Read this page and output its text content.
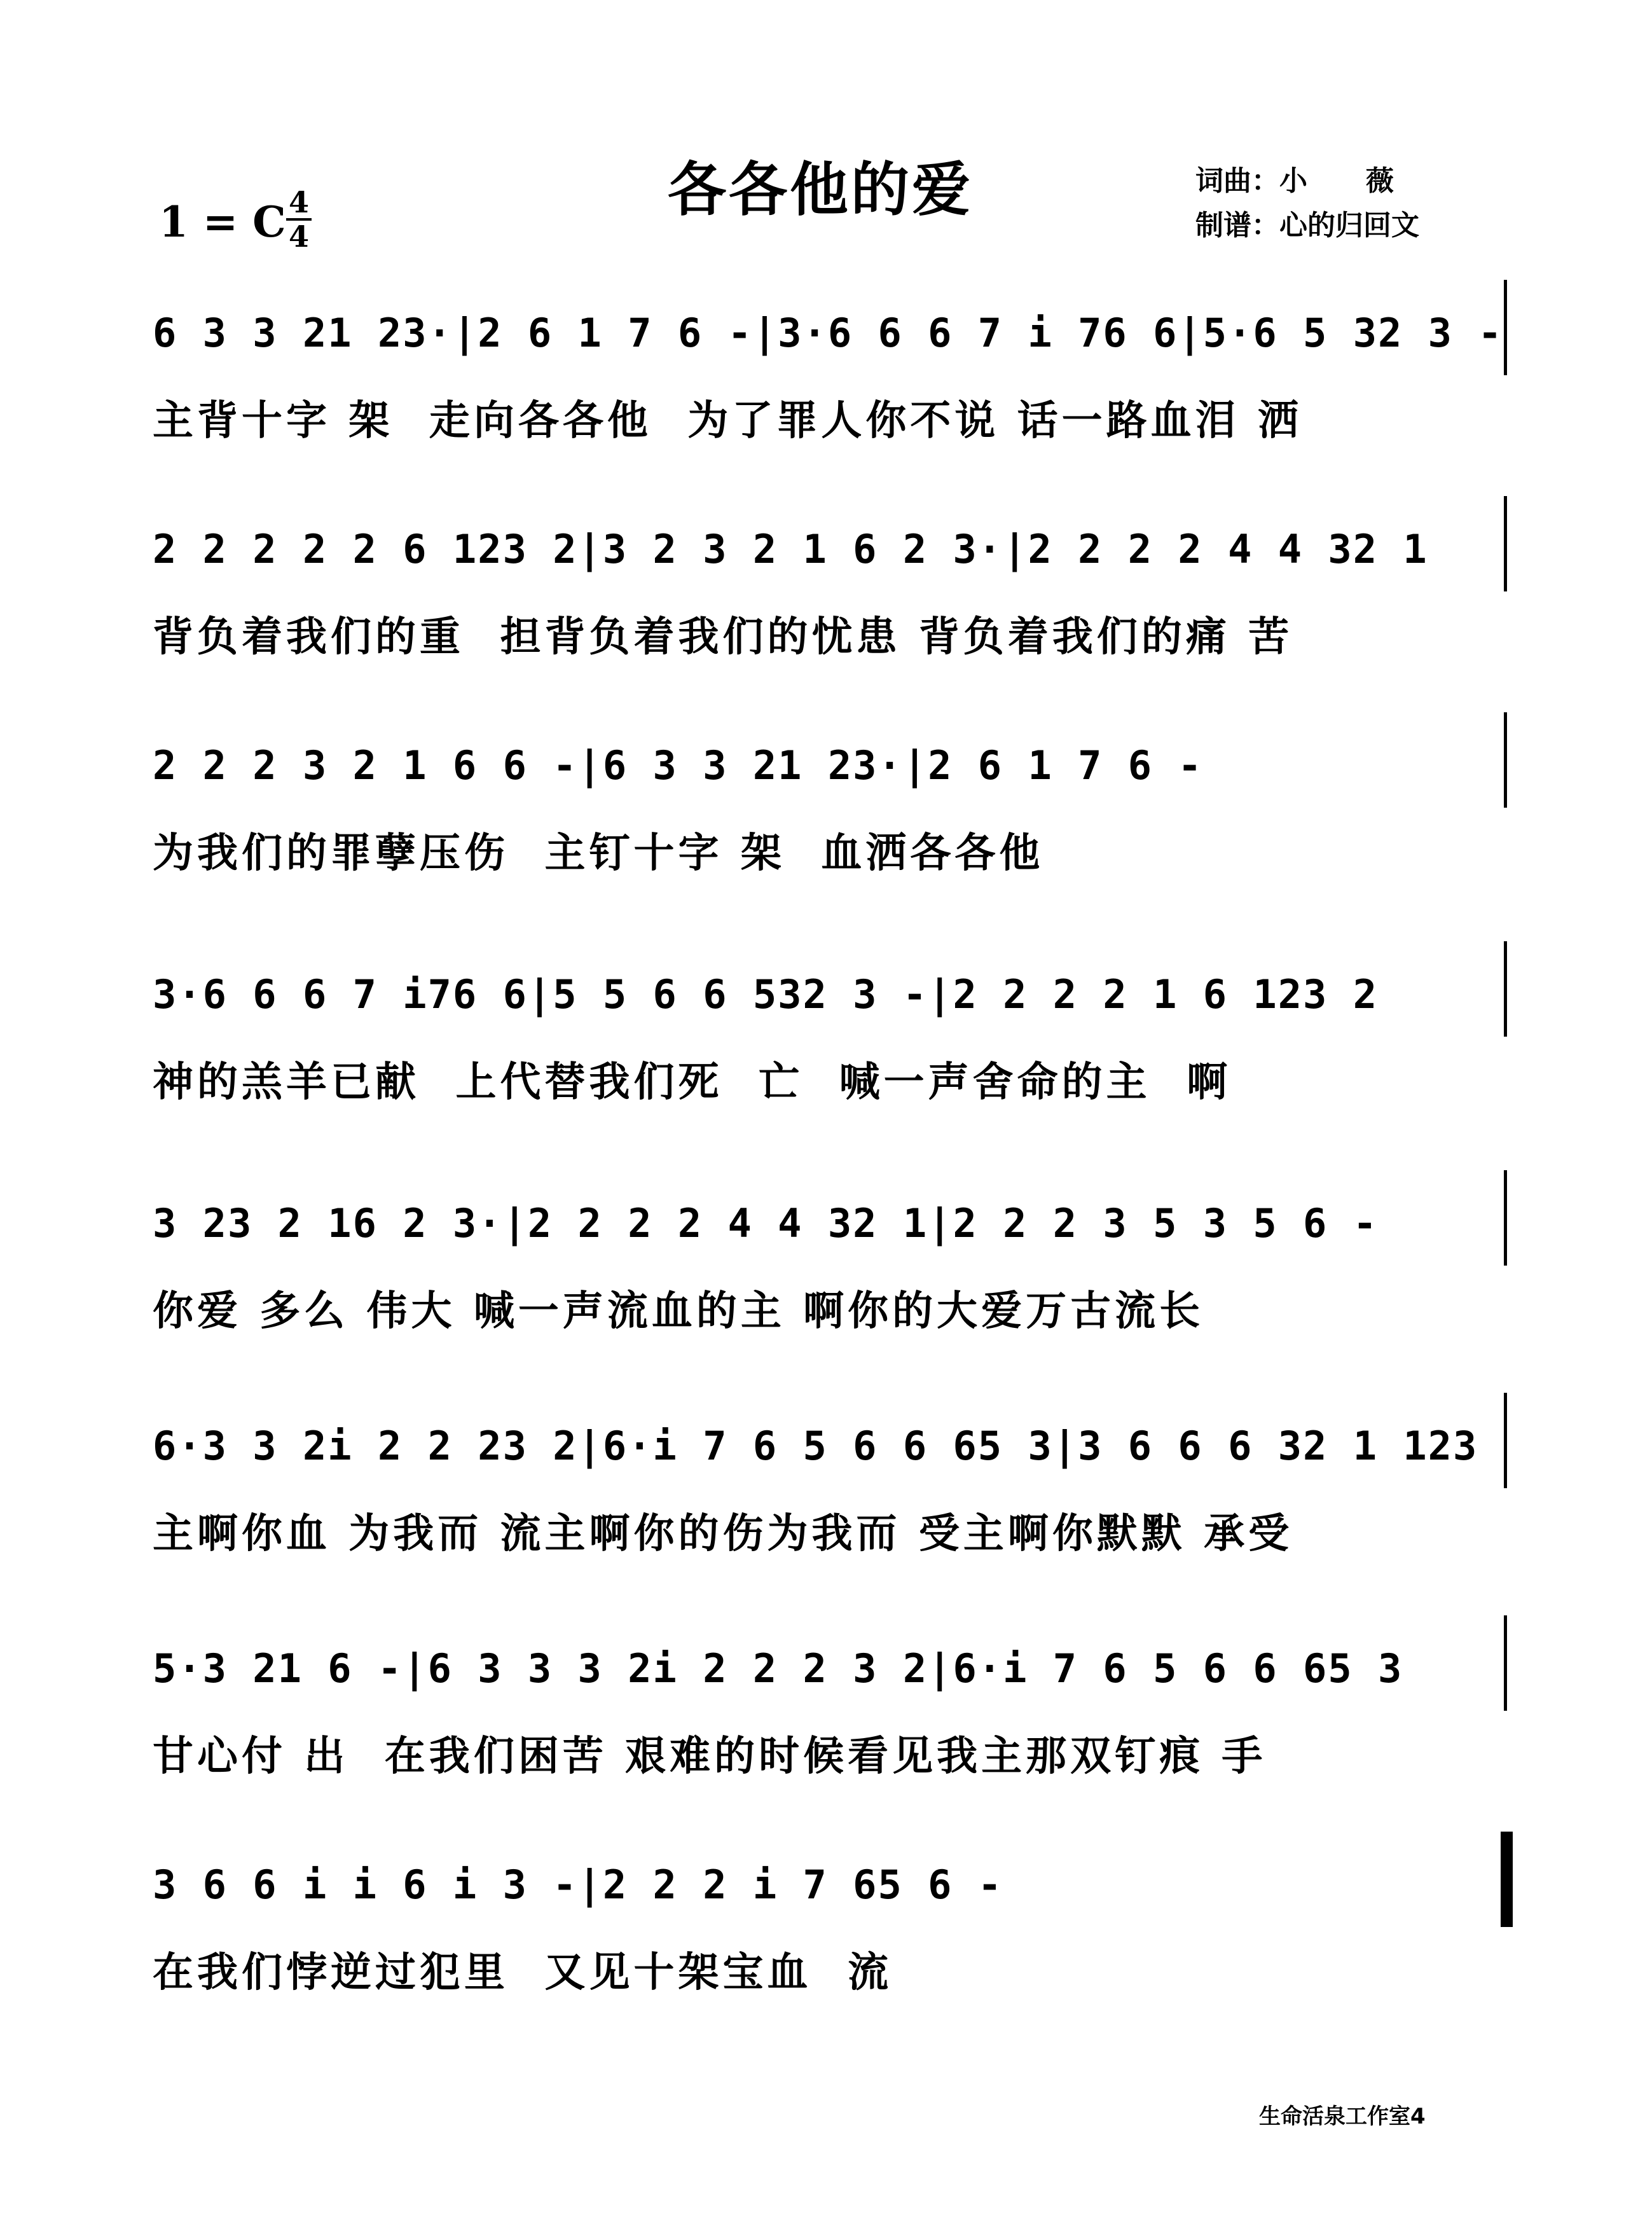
各各他的爱
1 = C 4
4
词曲：小      薇
制谱：心的归回文
6 3 3 21 23·|2 6 1 7 6 -|3·6 6 6 7 i 76 6|5·6 5 32 3 -
主背十字 架  走向各各他  为了罪人你不说 话一路血泪 洒
2 2 2 2 2 6 123 2|3 2 3 2 1 6 2 3·|2 2 2 2 4 4 32 1
背负着我们的重  担背负着我们的忧患 背负着我们的痛 苦
2 2 2 3 2 1 6 6 -|6 3 3 21 23·|2 6 1 7 6 -
为我们的罪孽压伤  主钉十字 架  血洒各各他
3·6 6 6 7 i76 6|5 5 6 6 532 3 -|2 2 2 2 1 6 123 2
神的羔羊已献  上代替我们死  亡  喊一声舍命的主  啊
3 23 2 16 2 3·|2 2 2 2 4 4 32 1|2 2 2 3 5 3 5 6 -
你爱 多么 伟大 喊一声流血的主 啊你的大爱万古流长
6·3 3 2i 2 2 23 2|6·i 7 6 5 6 6 65 3|3 6 6 6 32 1 123
主啊你血 为我而 流主啊你的伤为我而 受主啊你默默 承受
5·3 21 6 -|6 3 3 3 2i 2 2 2 3 2|6·i 7 6 5 6 6 65 3
甘心付 出  在我们困苦 艰难的时候看见我主那双钉痕 手
3 6 6 i i 6 i 3 -|2 2 2 i 7 65 6 -
在我们悖逆过犯里  又见十架宝血  流
生命活泉工作室4
